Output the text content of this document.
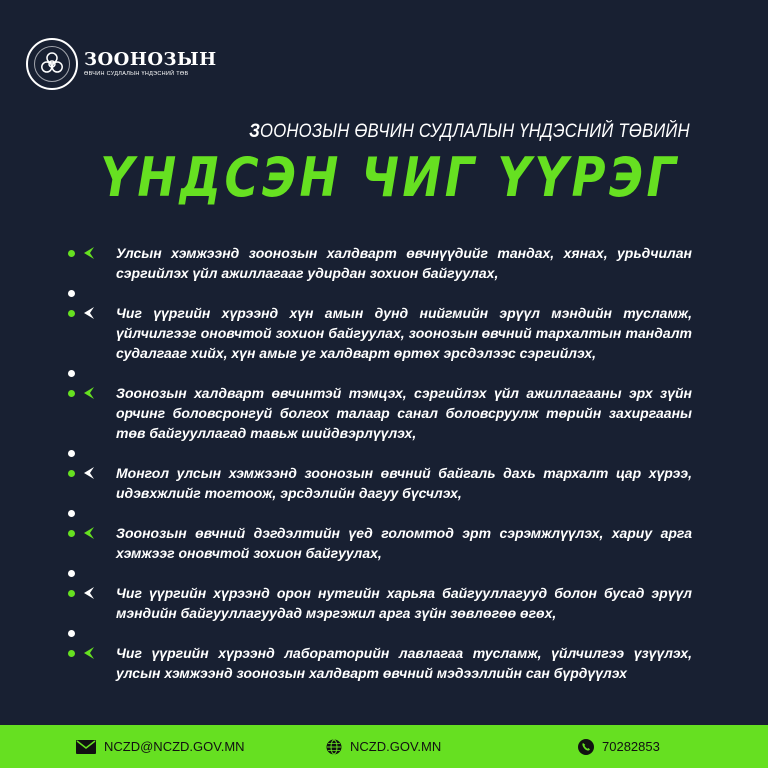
ЗООНОЗЫН
ӨВЧИН СУДЛАЛЫН ҮНДЭСНИЙ ТӨВ
ЗООНОЗЫН ӨВЧИН СУДЛАЛЫН ҮНДЭСНИЙ ТӨВИЙН
ҮНДСЭН ЧИГ ҮҮРЭГ
Улсын хэмжээнд зоонозын халдварт өвчнүүдийг тандах, хянах, урьдчилан сэргийлэх үйл ажиллагааг удирдан зохион байгуулах,
Чиг үүргийн хүрээнд хүн амын дунд нийгмийн эрүүл мэндийн тусламж, үйлчилгээг оновчтой зохион байгуулах, зоонозын өвчний тархалтын тандалт судалгааг хийх, хүн амыг уг халдварт өртөх эрсдэлээс сэргийлэх,
Зоонозын халдварт өвчинтэй тэмцэх, сэргийлэх үйл ажиллагааны эрх зүйн орчинг боловсронгуй болгох талаар санал боловсруулж төрийн захиргааны төв байгууллагад тавьж шийдвэрлүүлэх,
Монгол улсын хэмжээнд зоонозын өвчний байгаль дахь тархалт цар хүрээ, идэвхжлийг тогтоож, эрсдэлийн дагуу бүсчлэх,
Зоонозын өвчний дэгдэлтийн үед голомтод эрт сэрэмжлүүлэх, хариу арга хэмжээг оновчтой зохион байгуулах,
Чиг үүргийн хүрээнд орон нутгийн харьяа байгууллагууд болон бусад эрүүл мэндийн байгууллагуудад мэргэжил арга зүйн зөвлөгөө өгөх,
Чиг үүргийн хүрээнд лабораторийн лавлагаа тусламж, үйлчилгээ үзүүлэх, улсын хэмжээнд зоонозын халдварт өвчний мэдээллийн сан бүрдүүлэх
NCZD@NCZD.GOV.MN	NCZD.GOV.MN	70282853
